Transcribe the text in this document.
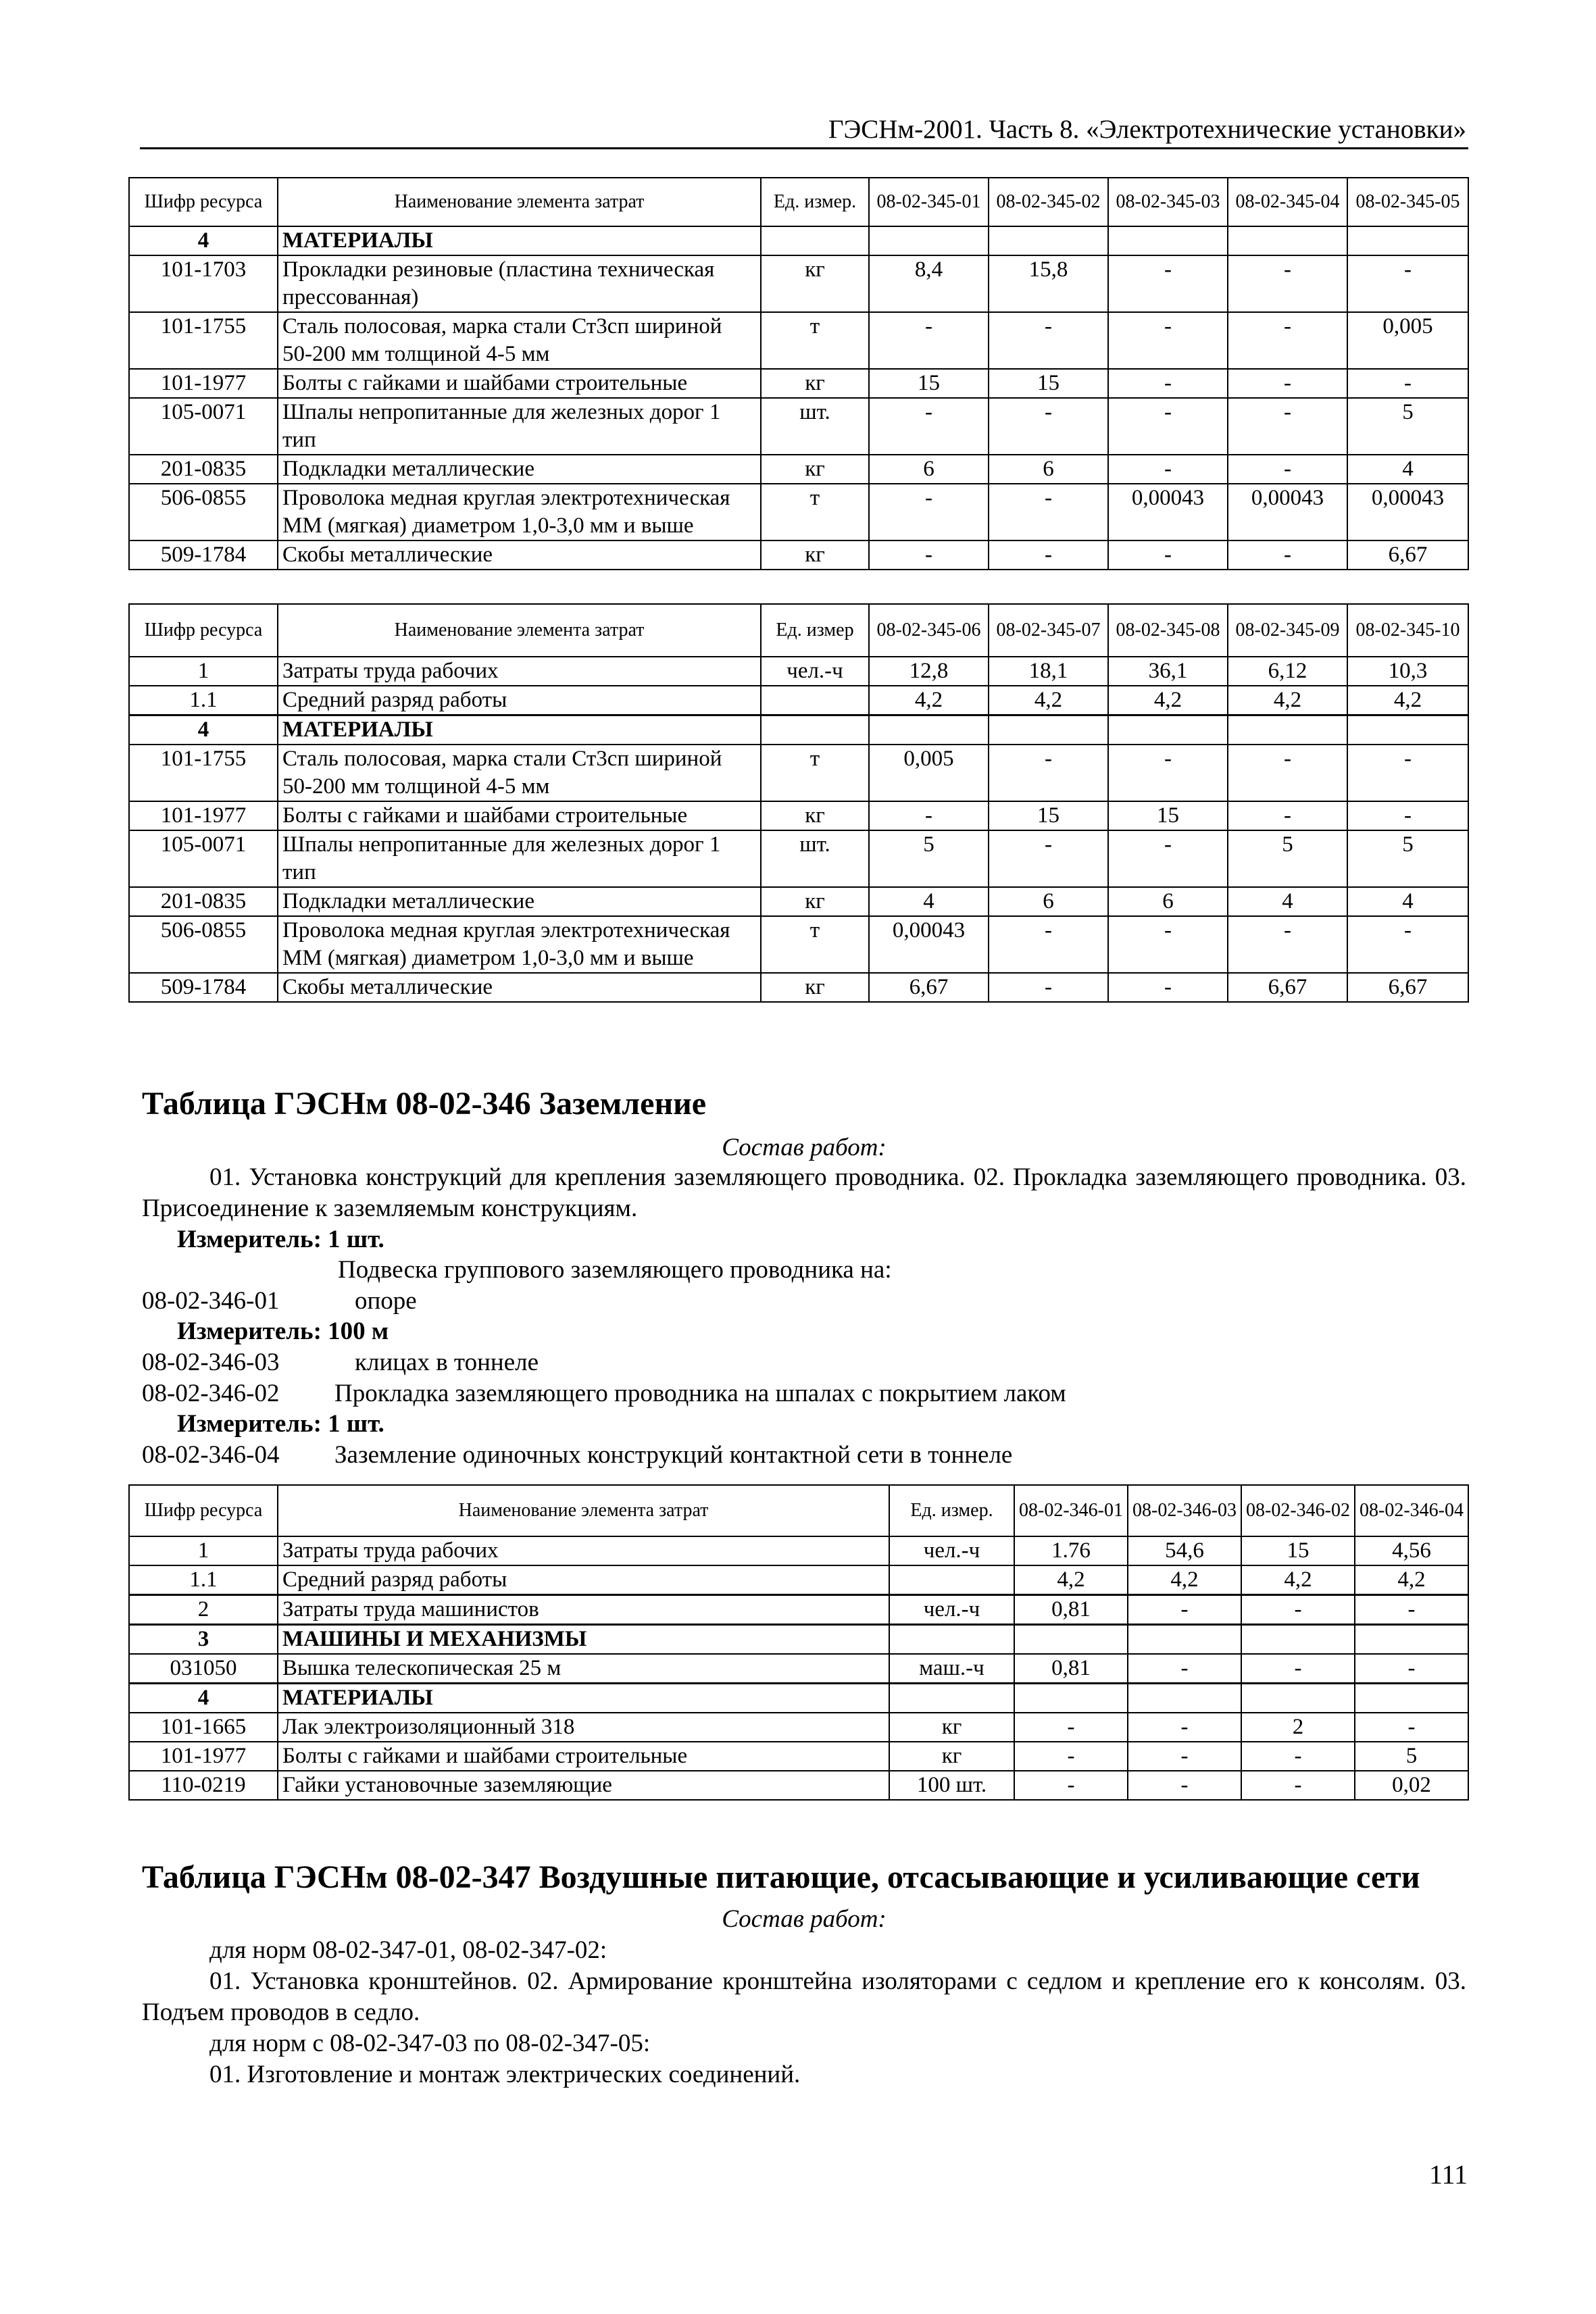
ГЭСНм-2001. Часть 8. «Электротехнические установки»
Шифр ресурса	Наименование элемента затрат	Ед. измер.	08-02-345-01	08-02-345-02	08-02-345-03	08-02-345-04	08-02-345-05
4	МАТЕРИАЛЫ						
101-1703	Прокладки резиновые (пластина техническая прессованная)	кг	8,4	15,8	-	-	-
101-1755	Сталь полосовая, марка стали Ст3сп шириной 50-200 мм толщиной 4-5 мм	т	-	-	-	-	0,005
101-1977	Болты с гайками и шайбами строительные	кг	15	15	-	-	-
105-0071	Шпалы непропитанные для железных дорог 1 тип	шт.	-	-	-	-	5
201-0835	Подкладки металлические	кг	6	6	-	-	4
506-0855	Проволока медная круглая электротехническая ММ (мягкая) диаметром 1,0-3,0 мм и выше	т	-	-	0,00043	0,00043	0,00043
509-1784	Скобы металлические	кг	-	-	-	-	6,67
Шифр ресурса	Наименование элемента затрат	Ед. измер	08-02-345-06	08-02-345-07	08-02-345-08	08-02-345-09	08-02-345-10
1	Затраты труда рабочих	чел.-ч	12,8	18,1	36,1	6,12	10,3
1.1	Средний разряд работы		4,2	4,2	4,2	4,2	4,2
4	МАТЕРИАЛЫ						
101-1755	Сталь полосовая, марка стали Ст3сп шириной 50-200 мм толщиной 4-5 мм	т	0,005	-	-	-	-
101-1977	Болты с гайками и шайбами строительные	кг	-	15	15	-	-
105-0071	Шпалы непропитанные для железных дорог 1 тип	шт.	5	-	-	5	5
201-0835	Подкладки металлические	кг	4	6	6	4	4
506-0855	Проволока медная круглая электротехническая ММ (мягкая) диаметром 1,0-3,0 мм и выше	т	0,00043	-	-	-	-
509-1784	Скобы металлические	кг	6,67	-	-	6,67	6,67
Таблица ГЭСНм 08-02-346 Заземление
Состав работ:
01. Установка конструкций для крепления заземляющего проводника. 02. Прокладка заземляющего проводника. 03. Присоединение к заземляемым конструкциям.
Измеритель: 1 шт.
Подвеска группового заземляющего проводника на:
08-02-346-01	опоре
Измеритель: 100 м
08-02-346-03	клицах в тоннеле
08-02-346-02 Прокладка заземляющего проводника на шпалах с покрытием лаком
Измеритель: 1 шт.
08-02-346-04 Заземление одиночных конструкций контактной сети в тоннеле
Шифр ресурса	Наименование элемента затрат	Ед. измер.	08-02-346-01	08-02-346-03	08-02-346-02	08-02-346-04
1	Затраты труда рабочих	чел.-ч	1.76	54,6	15	4,56
1.1	Средний разряд работы		4,2	4,2	4,2	4,2
2	Затраты труда машинистов	чел.-ч	0,81	-	-	-
3	МАШИНЫ И МЕХАНИЗМЫ					
031050	Вышка телескопическая 25 м	маш.-ч	0,81	-	-	-
4	МАТЕРИАЛЫ					
101-1665	Лак электроизоляционный 318	кг	-	-	2	-
101-1977	Болты с гайками и шайбами строительные	кг	-	-	-	5
110-0219	Гайки установочные заземляющие	100 шт.	-	-	-	0,02
Таблица ГЭСНм 08-02-347 Воздушные питающие, отсасывающие и усиливающие сети
Состав работ:
для норм 08-02-347-01, 08-02-347-02:
01. Установка кронштейнов. 02. Армирование кронштейна изоляторами с седлом и крепление его к консолям. 03. Подъем проводов в седло.
для норм с 08-02-347-03 по 08-02-347-05:
01. Изготовление и монтаж электрических соединений.
111
